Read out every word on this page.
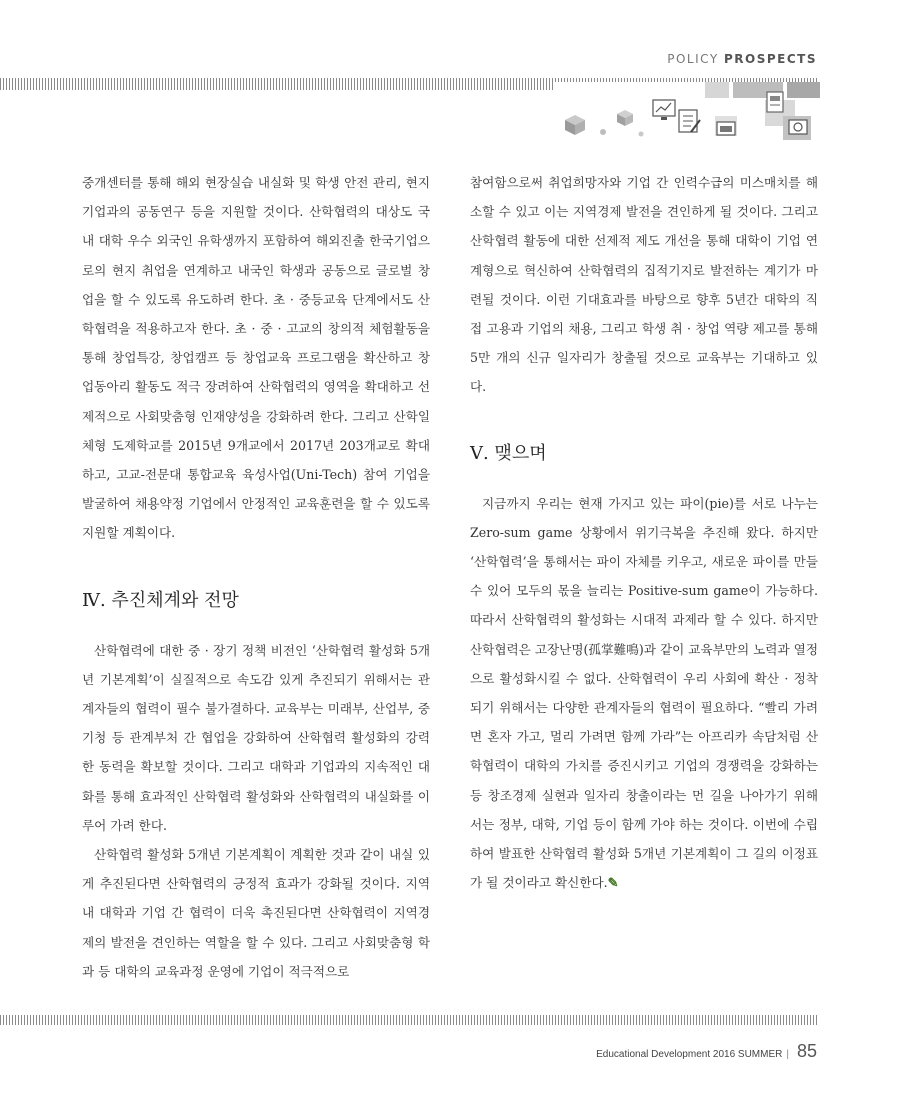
POLICY PROSPECTS

중개센터를 통해 해외 현장실습 내실화 및 학생 안전 관리, 현지기업과의 공동연구 등을 지원할 것이다. 산학협력의 대상도 국내 대학 우수 외국인 유학생까지 포함하여 해외진출 한국기업으로의 현지 취업을 연계하고 내국인 학생과 공동으로 글로벌 창업을 할 수 있도록 유도하려 한다. 초 · 중등교육 단계에서도 산학협력을 적용하고자 한다. 초 · 중 · 고교의 창의적 체험활동을 통해 창업특강, 창업캠프 등 창업교육 프로그램을 확산하고 창업동아리 활동도 적극 장려하여 산학협력의 영역을 확대하고 선제적으로 사회맞춤형 인재양성을 강화하려 한다. 그리고 산학일체형 도제학교를 2015년 9개교에서 2017년 203개교로 확대하고, 고교-전문대 통합교육 육성사업(Uni-Tech) 참여 기업을 발굴하여 채용약정 기업에서 안정적인 교육훈련을 할 수 있도록 지원할 계획이다.

Ⅳ. 추진체계와 전망

산학협력에 대한 중 · 장기 정책 비전인 ‘산학협력 활성화 5개년 기본계획’이 실질적으로 속도감 있게 추진되기 위해서는 관계자들의 협력이 필수 불가결하다. 교육부는 미래부, 산업부, 중기청 등 관계부처 간 협업을 강화하여 산학협력 활성화의 강력한 동력을 확보할 것이다. 그리고 대학과 기업과의 지속적인 대화를 통해 효과적인 산학협력 활성화와 산학협력의 내실화를 이루어 가려 한다.

산학협력 활성화 5개년 기본계획이 계획한 것과 같이 내실 있게 추진된다면 산학협력의 긍정적 효과가 강화될 것이다. 지역 내 대학과 기업 간 협력이 더욱 촉진된다면 산학협력이 지역경제의 발전을 견인하는 역할을 할 수 있다. 그리고 사회맞춤형 학과 등 대학의 교육과정 운영에 기업이 적극적으로

참여함으로써 취업희망자와 기업 간 인력수급의 미스매치를 해소할 수 있고 이는 지역경제 발전을 견인하게 될 것이다. 그리고 산학협력 활동에 대한 선제적 제도 개선을 통해 대학이 기업 연계형으로 혁신하여 산학협력의 집적기지로 발전하는 계기가 마련될 것이다. 이런 기대효과를 바탕으로 향후 5년간 대학의 직접 고용과 기업의 채용, 그리고 학생 취 · 창업 역량 제고를 통해 5만 개의 신규 일자리가 창출될 것으로 교육부는 기대하고 있다.

Ⅴ. 맺으며

지금까지 우리는 현재 가지고 있는 파이(pie)를 서로 나누는 Zero-sum game 상황에서 위기극복을 추진해 왔다. 하지만 ‘산학협력’을 통해서는 파이 자체를 키우고, 새로운 파이를 만들 수 있어 모두의 몫을 늘리는 Positive-sum game이 가능하다. 따라서 산학협력의 활성화는 시대적 과제라 할 수 있다. 하지만 산학협력은 고장난명(孤掌難鳴)과 같이 교육부만의 노력과 열정으로 활성화시킬 수 없다. 산학협력이 우리 사회에 확산 · 정착되기 위해서는 다양한 관계자들의 협력이 필요하다. “빨리 가려면 혼자 가고, 멀리 가려면 함께 가라”는 아프리카 속담처럼 산학협력이 대학의 가치를 증진시키고 기업의 경쟁력을 강화하는 등 창조경제 실현과 일자리 창출이라는 먼 길을 나아가기 위해서는 정부, 대학, 기업 등이 함께 가야 하는 것이다. 이번에 수립하여 발표한 산학협력 활성화 5개년 기본계획이 그 길의 이정표가 될 것이라고 확신한다.✎

Educational Development 2016 SUMMER | 85
